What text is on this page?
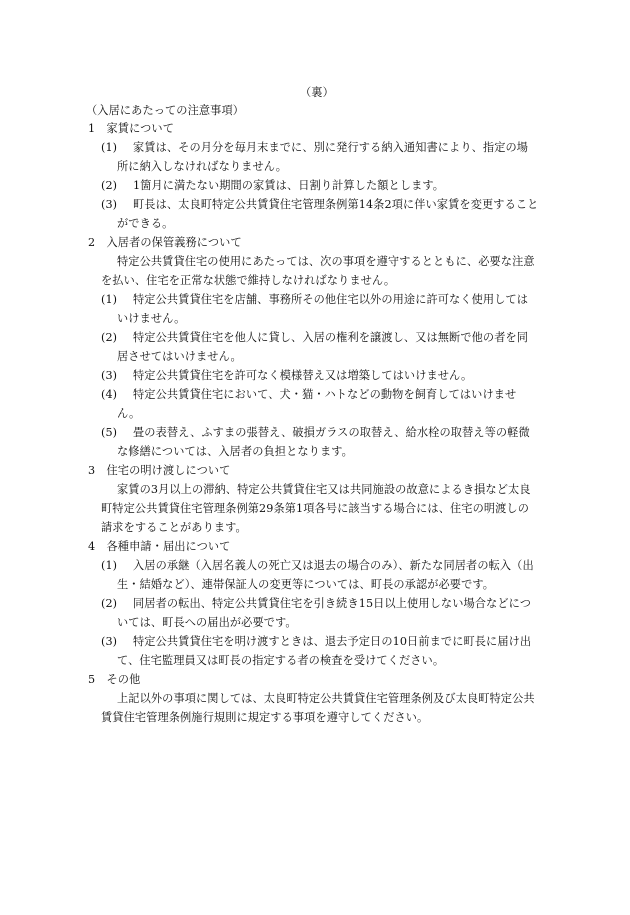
（裏）
（入居にあたっての注意事項）
1　家賃について
(1) 家賃は、その月分を毎月末までに、別に発行する納入通知書により、指定の場
所に納入しなければなりません。
(2) 1箇月に満たない期間の家賃は、日割り計算した額とします。
(3) 町長は、太良町特定公共賃貸住宅管理条例第14条2項に伴い家賃を変更すること
ができる。
2　入居者の保管義務について
特定公共賃貸住宅の使用にあたっては、次の事項を遵守するとともに、必要な注意
を払い、住宅を正常な状態で維持しなければなりません。
(1) 特定公共賃貸住宅を店舗、事務所その他住宅以外の用途に許可なく使用しては
いけません。
(2) 特定公共賃貸住宅を他人に貸し、入居の権利を譲渡し、又は無断で他の者を同
居させてはいけません。
(3) 特定公共賃貸住宅を許可なく模様替え又は増築してはいけません。
(4) 特定公共賃貸住宅において、犬・猫・ハトなどの動物を飼育してはいけませ
ん。
(5) 畳の表替え、ふすまの張替え、破損ガラスの取替え、給水栓の取替え等の軽微
な修繕については、入居者の負担となります。
3　住宅の明け渡しについて
家賃の3月以上の滞納、特定公共賃貸住宅又は共同施設の故意によるき損など太良
町特定公共賃貸住宅管理条例第29条第1項各号に該当する場合には、住宅の明渡しの
請求をすることがあります。
4　各種申請・届出について
(1) 入居の承継（入居名義人の死亡又は退去の場合のみ）、新たな同居者の転入（出
生・結婚など）、連帯保証人の変更等については、町長の承認が必要です。
(2) 同居者の転出、特定公共賃貸住宅を引き続き15日以上使用しない場合などにつ
いては、町長への届出が必要です。
(3) 特定公共賃貸住宅を明け渡すときは、退去予定日の10日前までに町長に届け出
て、住宅監理員又は町長の指定する者の検査を受けてください。
5　その他
上記以外の事項に関しては、太良町特定公共賃貸住宅管理条例及び太良町特定公共
賃貸住宅管理条例施行規則に規定する事項を遵守してください。
